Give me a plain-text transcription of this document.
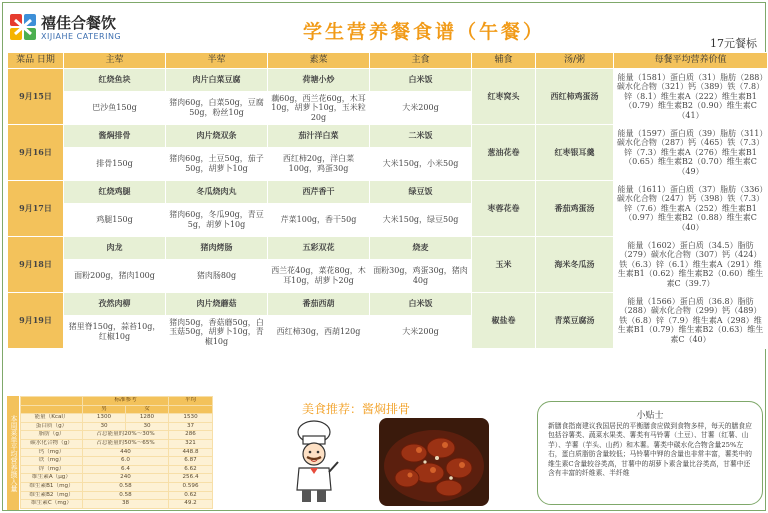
禧佳合餐饮
XIJIAHE CATERING	学生营养餐食谱（午餐）
17元餐标
菜品 日期	主荤	半荤	素菜	主食	辅食	汤/粥	每餐平均营养价值
9月15日	红烧鱼块	肉片白菜豆腐	荷塘小炒	白米饭	红枣窝头	西红柿鸡蛋汤	能量（1581）蛋白质（31）脂肪（288）碳水化合物（321）钙（389）铁（7.8）锌（8.1）维生素A（222）维生素B1（0.79）维生素B2（0.90）维生素C（41）
	巴沙鱼150g	猪肉60g，白菜50g，豆腐50g，粉丝10g	藕60g，西兰花60g，木耳10g，胡萝卜10g，玉米粒20g	大米200g			
9月16日	酱焖排骨	肉片烧双条	茄汁洋白菜	二米饭	葱油花卷	红枣银耳羹	能量（1597）蛋白质（39）脂肪（311）碳水化合物（287）钙（465）铁（7.3）锌（7.3）维生素A（276）维生素B1（0.65）维生素B2（0.70）维生素C（49）
	排骨150g	猪肉60g，土豆50g，茄子50g，胡萝卜10g	西红柿20g，洋白菜100g，鸡蛋30g	大米150g，小米50g			
9月17日	红烧鸡腿	冬瓜烧肉丸	西芹香干	绿豆饭	枣蓉花卷	番茄鸡蛋汤	能量（1611）蛋白质（37）脂肪（336）碳水化合物（247）钙（398）铁（7.3）锌（7.6）维生素A（252）维生素B1（0.97）维生素B2（0.88）维生素C（40）
	鸡腿150g	猪肉60g，冬瓜90g，青豆5g，胡萝卜10g	芹菜100g，香干50g	大米150g，绿豆50g			
9月18日	肉龙	猪肉烤肠	五彩双花	烧麦	玉米	海米冬瓜汤	能量（1602）蛋白质（34.5）脂肪（279）碳水化合物（307）钙（424）铁（6.3）锌（6.1）维生素A（291）维生素B1（0.62）维生素B2（0.60）维生素C（39.7）
	面粉200g，猪肉100g	猪肉肠80g	西兰花40g，菜花80g，木耳10g，胡萝卜20g	面粉30g，鸡蛋30g，猪肉40g			
9月19日	孜然肉柳	肉片烧蘑菇	番茄西葫	白米饭	椒盐卷	青菜豆腐汤	能量（1566）蛋白质（36.8）脂肪（288）碳水化合物（299）钙（489）铁（6.8）锌（7.9）维生素A（298）维生素B1（0.79）维生素B2（0.63）维生素C（40）
	猪里脊150g，蒜苔10g，红椒10g	猪肉50g，香菇蘑50g，白玉菇50g，胡萝卜10g，青椒10g	西红柿30g，西葫120g	大米200g			
本周菜单平均营养摄入量
	标准参考		平均
	男	女	
能量（Kcal）	1300	1280	1530
蛋白质（g）	30	30	37
脂肪（g）	占总能量的20%～30%		286
碳水化合物（g）	占总能量的50%～65%		321
钙（mg）	440		448.8
铁（mg）	6.0		6.87
锌（mg）	6.4		6.62
维生素A（μg）	240		256.4
维生素B1（mg）	0.58		0.596
维生素B2（mg）	0.58		0.62
维生素C（mg）	38		49.2
美食推荐：酱焖排骨	小贴士
新膳食指南建议我国居民的平衡膳食应做到食物多样，每天的膳食应包括谷薯类、蔬菜水果类、薯类有马铃薯（土豆）、甘薯（红薯、山芋）、芋薯（芋头、山药）和木薯。薯类中碳水化合物含量25%左右，蛋白质脂肪含量较低；马铃薯中钾的含量也非常丰富，薯类中的维生素C含量较谷类高，甘薯中的胡萝卜素含量比谷类高，甘薯中还含有丰富的纤维素、半纤维
